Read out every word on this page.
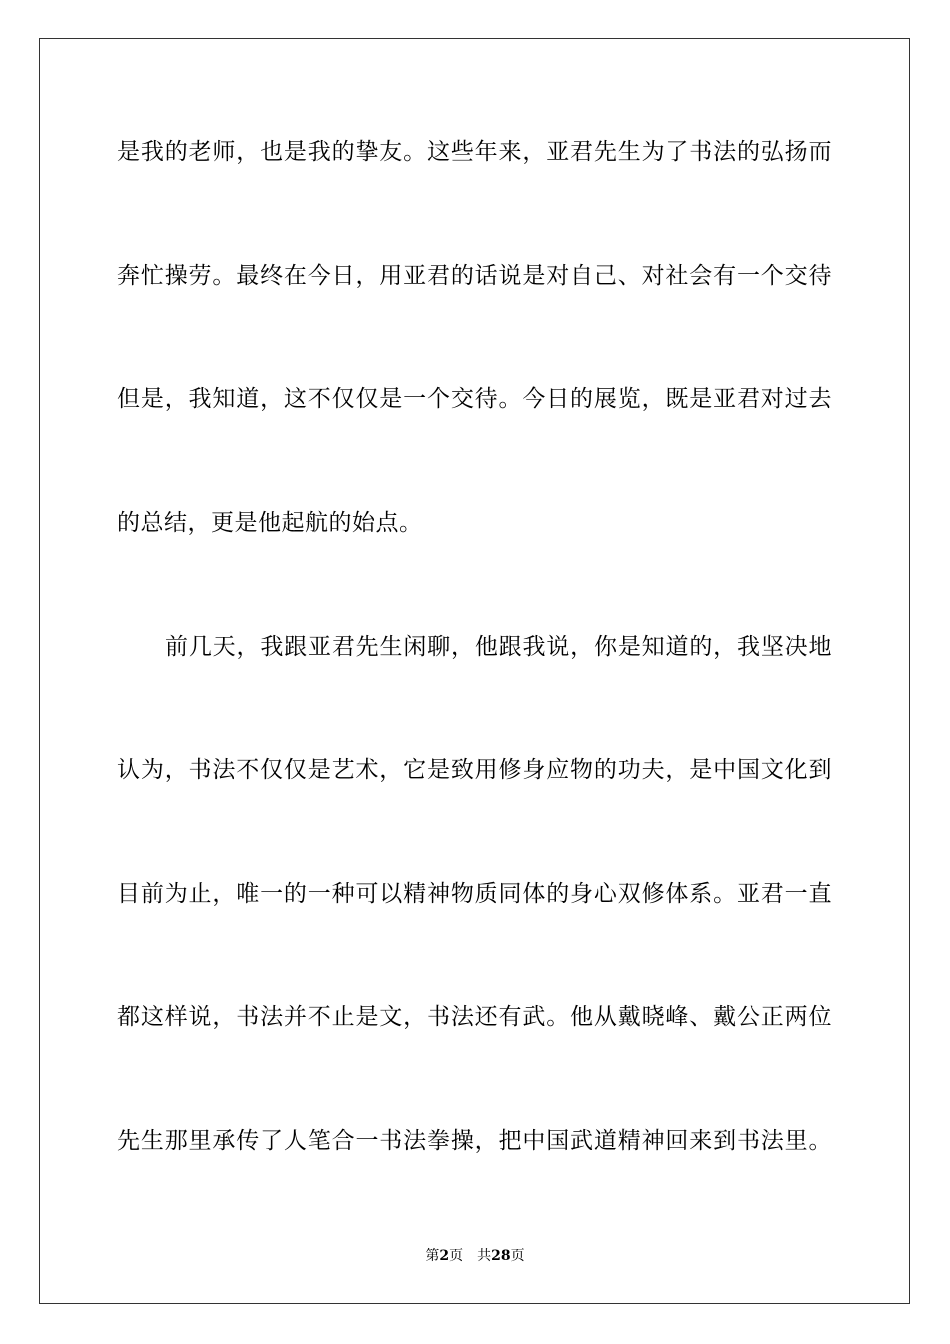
是我的老师，也是我的挚友。这些年来，亚君先生为了书法的弘扬而
奔忙操劳。最终在今日，用亚君的话说是对自己、对社会有一个交待
但是，我知道，这不仅仅是一个交待。今日的展览，既是亚君对过去
的总结，更是他起航的始点。
前几天，我跟亚君先生闲聊，他跟我说，你是知道的，我坚决地
认为，书法不仅仅是艺术，它是致用修身应物的功夫，是中国文化到
目前为止，唯一的一种可以精神物质同体的身心双修体系。亚君一直
都这样说，书法并不止是文，书法还有武。他从戴晓峰、戴公正两位
先生那里承传了人笔合一书法拳操，把中国武道精神回来到书法里。
第2页 共28页
